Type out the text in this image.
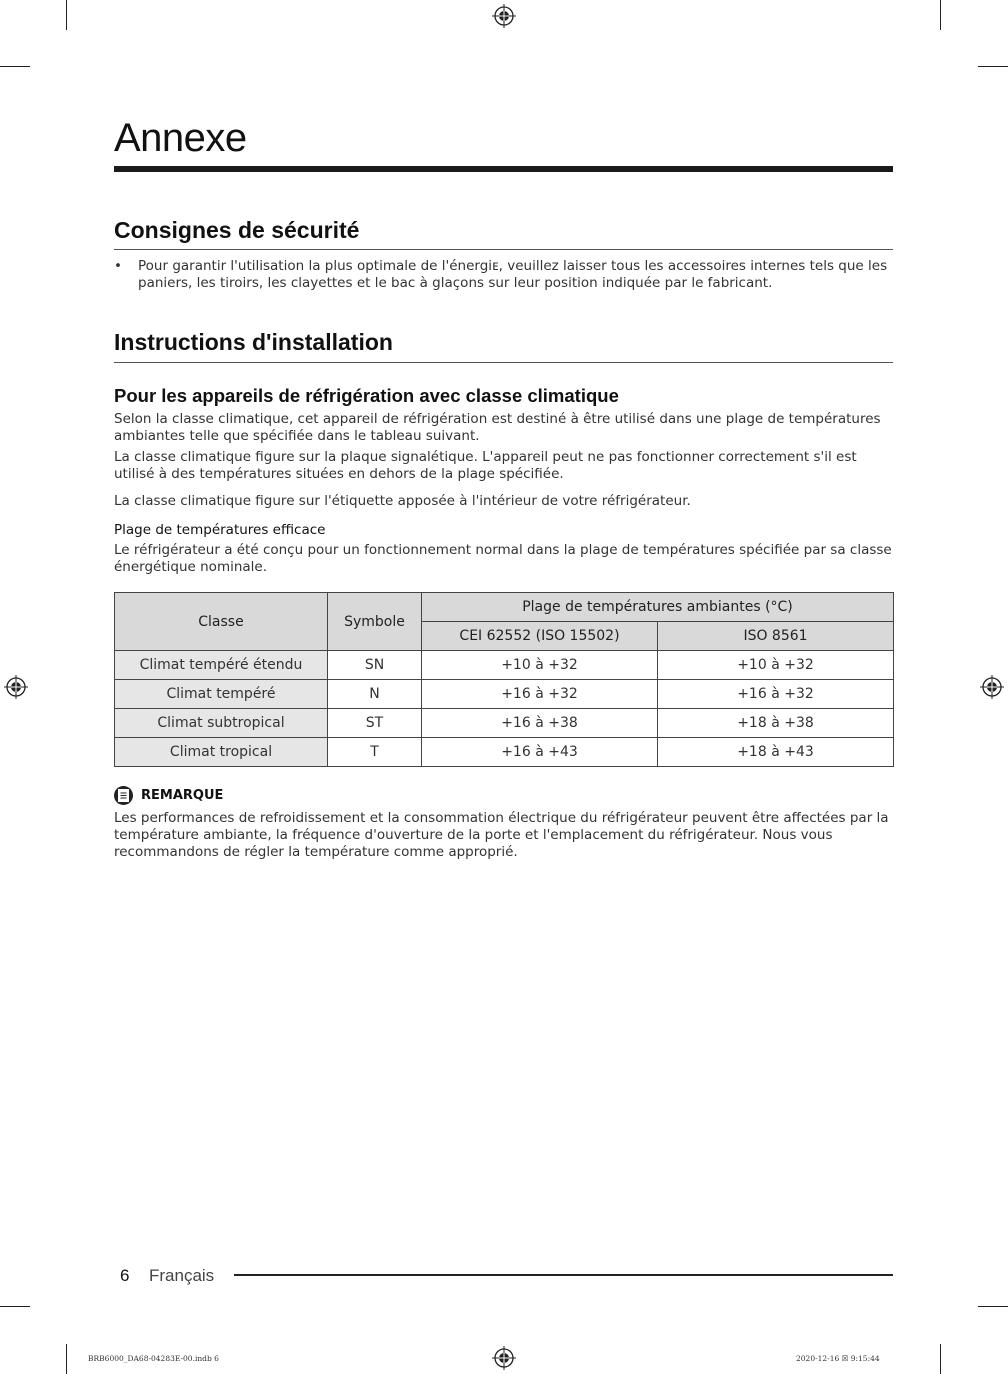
Annexe
Consignes de sécurité
• Pour garantir l'utilisation la plus optimale de l'énergiᴇ, veuillez laisser tous les accessoires internes tels que les paniers, les tiroirs, les clayettes et le bac à glaçons sur leur position indiquée par le fabricant.
Instructions d'installation
Pour les appareils de réfrigération avec classe climatique

Selon la classe climatique, cet appareil de réfrigération est destiné à être utilisé dans une plage de températures ambiantes telle que spécifiée dans le tableau suivant.

La classe climatique figure sur la plaque signalétique. L'appareil peut ne pas fonctionner correctement s'il est utilisé à des températures situées en dehors de la plage spécifiée.

La classe climatique figure sur l'étiquette apposée à l'intérieur de votre réfrigérateur.

Plage de températures efficace

Le réfrigérateur a été conçu pour un fonctionnement normal dans la plage de températures spécifiée par sa classe énergétique nominale.

Classe	Symbole	Plage de températures ambiantes (°C)	
		CEI 62552 (ISO 15502)	ISO 8561
Climat tempéré étendu	SN	+10 à +32	+10 à +32
Climat tempéré	N	+16 à +32	+16 à +32
Climat subtropical	ST	+16 à +38	+18 à +38
Climat tropical	T	+16 à +43	+18 à +43
REMARQUE

Les performances de refroidissement et la consommation électrique du réfrigérateur peuvent être affectées par la température ambiante, la fréquence d'ouverture de la porte et l'emplacement du réfrigérateur. Nous vous recommandons de régler la température comme approprié.

6 Français
BRB6000_DA68-04283E-00.indb 6	2020-12-16 ☒ 9:15:44
